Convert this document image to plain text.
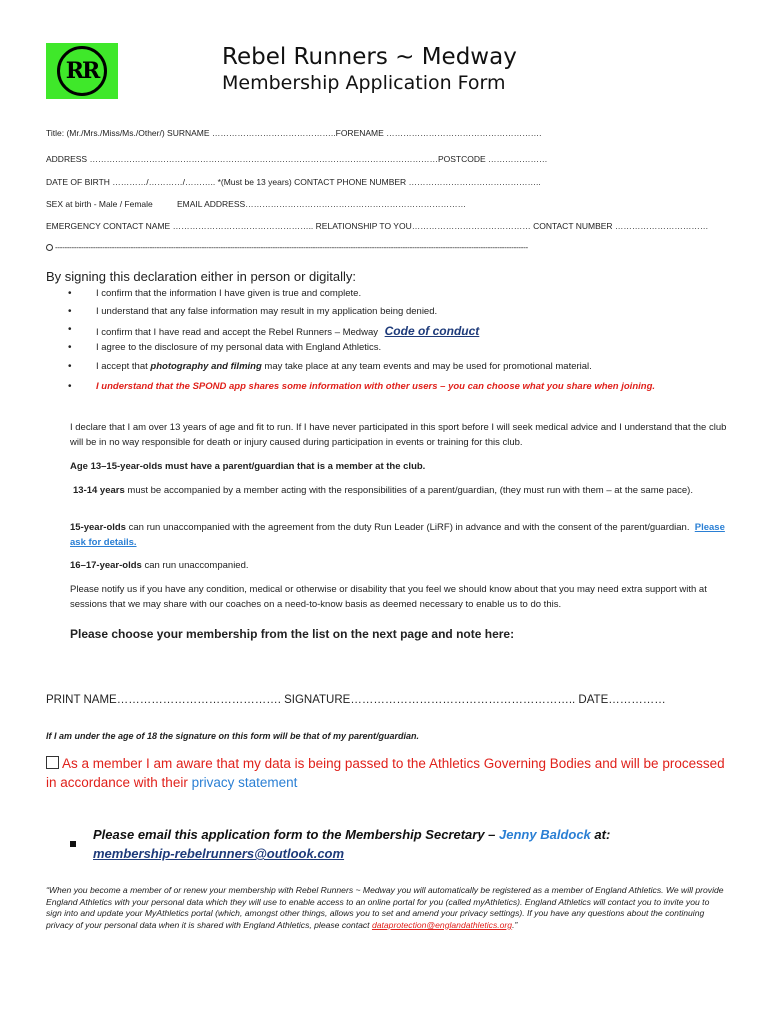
RR
Rebel Runners ~ Medway
Membership Application Form
Title: (Mr./Mrs./Miss/Ms./Other/) SURNAME ……………………………………..FORENAME ……………………………………………….
ADDRESS ……………………………………………………………………………………………………………POSTCODE …………………
DATE OF BIRTH …………/…………/……….. *(Must be 13 years) CONTACT PHONE NUMBER ………………………………………..
SEX at birth - Male / Female	EMAIL ADDRESS……………………………………………………………………
EMERGENCY CONTACT NAME ………………………………………….. RELATIONSHIP TO YOU…………………………………… CONTACT NUMBER ……………………………
--------------------------------------------------------------------------------------------------------------------------------------------------------------------------------------------------------
By signing this declaration either in person or digitally:
•	I confirm that the information I have given is true and complete.
•	I understand that any false information may result in my application being denied.
•	I confirm that I have read and accept the Rebel Runners – Medway Code of conduct
•	I agree to the disclosure of my personal data with England Athletics.
•	I accept that photography and filming may take place at any team events and may be used for promotional material.
•	I understand that the SPOND app shares some information with other users – you can choose what you share when joining.
I declare that I am over 13 years of age and fit to run. If I have never participated in this sport before I will seek medical advice and I understand that the club will be in no way responsible for death or injury caused during participation in events or training for this club.
Age 13–15-year-olds must have a parent/guardian that is a member at the club.
13-14 years must be accompanied by a member acting with the responsibilities of a parent/guardian, (they must run with them – at the same pace).
15-year-olds can run unaccompanied with the agreement from the duty Run Leader (LiRF) in advance and with the consent of the parent/guardian. Please ask for details.
16–17-year-olds can run unaccompanied.
Please notify us if you have any condition, medical or otherwise or disability that you feel we should know about that you may need extra support with at sessions that we may share with our coaches on a need-to-know basis as deemed necessary to enable us to do this.
Please choose your membership from the list on the next page and note here:
PRINT NAME……………………………………. SIGNATURE………………………………………………….. DATE……………
If I am under the age of 18 the signature on this form will be that of my parent/guardian.
As a member I am aware that my data is being passed to the Athletics Governing Bodies and will be processed in accordance with their privacy statement
Please email this application form to the Membership Secretary – Jenny Baldock at:
membership-rebelrunners@outlook.com
“When you become a member of or renew your membership with Rebel Runners ~ Medway you will automatically be registered as a member of England Athletics. We will provide England Athletics with your personal data which they will use to enable access to an online portal for you (called myAthletics). England Athletics will contact you to invite you to sign into and update your MyAthletics portal (which, amongst other things, allows you to set and amend your privacy settings). If you have any questions about the continuing privacy of your personal data when it is shared with England Athletics, please contact dataprotection@englandathletics.org.”
